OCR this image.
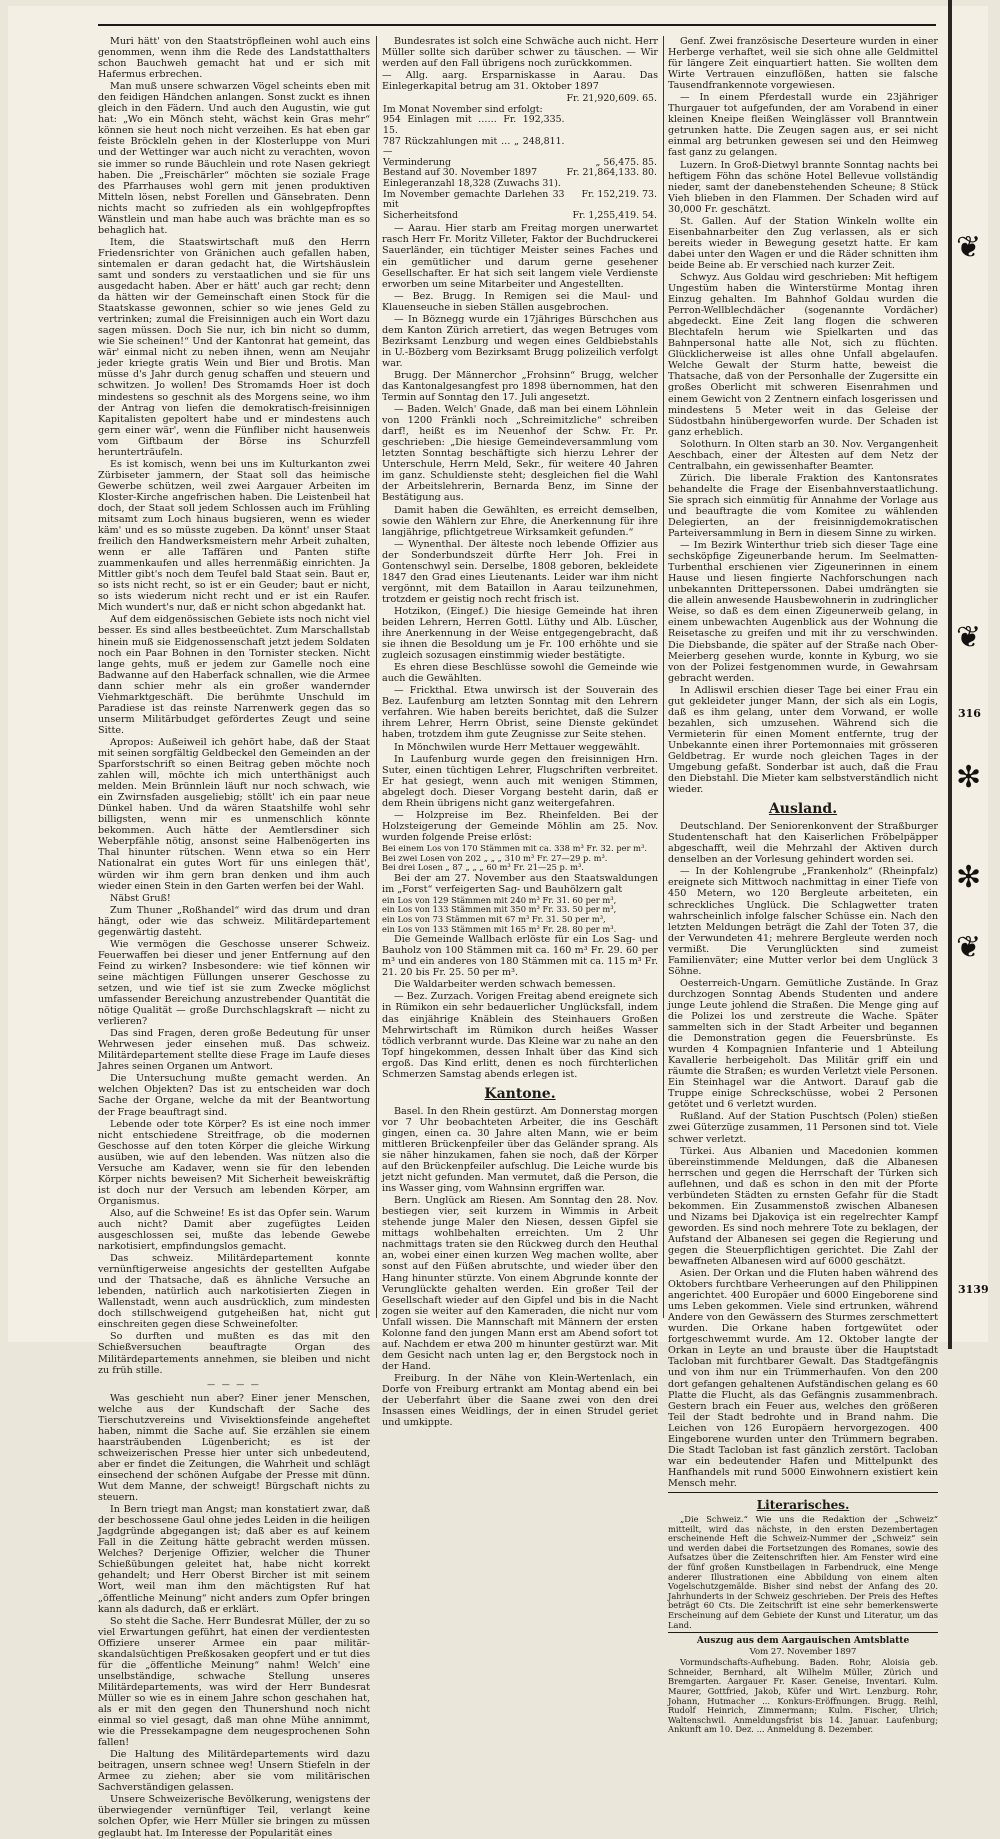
Muri hätt' von den Staatströpfleinen wohl auch eins genommen, wenn ihm die Rede des Landstatthalters schon Bauchweh gemacht hat und er sich mit Hafermus erbrechen.

Man muß unsere schwarzen Vögel scheints eben mit den feidigen Händchen anlangen. Sonst zuckt es ihnen gleich in den Fädern. Und auch den Augustin, wie gut hat: „Wo ein Mönch steht, wächst kein Gras mehr“ können sie heut noch nicht verzeihen. Es hat eben gar feiste Bröckleln gehen in der Klosterluppe von Muri und der Wettinger war auch nicht zu verachten, wovon sie immer so runde Bäuchlein und rote Nasen gekriegt haben. Die „Freischärler“ möchten sie soziale Frage des Pfarrhauses wohl gern mit jenen produktiven Mitteln lösen, nebst Forellen und Gänsebraten. Denn nichts macht so zufrieden als ein wohlgepfropftes Wänstlein und man habe auch was brächte man es so behaglich hat.

Item, die Staatswirtschaft muß den Herrn Friedensrichter von Gränichen auch gefallen haben, sintemalen er daran gedacht hat, die Wirtshäuslein samt und sonders zu verstaatlichen und sie für uns ausgedacht haben. Aber er hätt' auch gar recht; denn da hätten wir der Gemeinschaft einen Stock für die Staatskasse gewonnen, schier so wie jenes Geld zu vertrinken; zumal die Freisinnigen auch ein Wort dazu sagen müssen. Doch Sie nur, ich bin nicht so dumm, wie Sie scheinen!“ Und der Kantonrat hat gemeint, das wär' einmal nicht zu neben ihnen, wenn am Neujahr jeder kriegte gratis Wein und Bier und Brotis. Man müsse d's Jahr durch genug schaffen und steuern und schwitzen. Jo wollen! Des Stromamds Hoer ist doch mindestens so geschnit als des Morgens seine, wo ihm der Antrag von liefen die demokratisch-freisinnigen Kapitalisten gepoltert habe und er mindestens auch gern einer wär', wenn die Fünfliber nicht hausenweis vom Giftbaum der Börse ins Schurzfell herunterträufeln.

Es ist komisch, wenn bei uns im Kulturkanton zwei Zürbiseter jammern, der Staat soll das heimische Gewerbe schützen, weil zwei Aargauer Arbeiten im Kloster-Kirche angefrischen haben. Die Leistenbeil hat doch, der Staat soll jedem Schlossen auch im Frühling mitsamt zum Loch hinaus bugsieren, wenn es wieder käm' und es so müsste zugeben. Da könnt' unser Staat freilich den Handwerksmeistern mehr Arbeit zuhalten, wenn er alle Taffären und Panten stifte zuammenkaufen und alles herrenmäßig einrichten. Ja Mittler gibt's noch dem Teufel bald Staat sein. Baut er, so ists nicht recht, so ist er ein Geuder; baut er nicht, so ists wiederum nicht recht und er ist ein Raufer. Mich wundert's nur, daß er nicht schon abgedankt hat.

Auf dem eidgenössischen Gebiete ists noch nicht viel besser. Es sind alles bestbeeüchtet. Zum Marschallstab hinein muß sie Eidgenossenschaft jetzt jedem Soldaten noch ein Paar Bohnen in den Tornister stecken. Nicht lange gehts, muß er jedem zur Gamelle noch eine Badwanne auf den Haberfack schnallen, wie die Armee dann schier mehr als ein großer wandernder Viehmarktgeschäft. Die berühmte Unschuld im Paradiese ist das reinste Narrenwerk gegen das so unserm Militärbudget gefördertes Zeugt und seine Sitte.

Apropos: Außeiweil ich gehört habe, daß der Staat mit seinen sorgfältig Geldbeckel den Gemeinden an der Sparforstschrift so einen Beitrag geben möchte noch zahlen will, möchte ich mich unterthänigst auch melden. Mein Brünnlein läuft nur noch schwach, wie ein Zwirnsfaden ausgeliebig; stöllt' ich ein paar neue Dünkel haben. Und da wären Staatshilfe wohl sehr billigsten, wenn mir es unmenschlich könnte bekommen. Auch hätte der Aemtlersdiner sich Weberpfähle nötig, ansonst seine Halbenögerten ins Thal hinunter rütschen. Wenn etwa so ein Herr Nationalrat ein gutes Wort für uns einlegen thät', würden wir ihm gern bran denken und ihm auch wieder einen Stein in den Garten werfen bei der Wahl.

Näbst Gruß!

Zum Thuner „Roßhandel“ wird das drum und dran hängt, oder wie das schweiz. Militärdepartement gegenwärtig dasteht.

Wie vermögen die Geschosse unserer Schweiz. Feuerwaffen bei dieser und jener Entfernung auf den Feind zu wirken? Insbesondere: wie tief können wir seine mächtigen Füllungen unserer Geschosse zu setzen, und wie tief ist sie zum Zwecke möglichst umfassender Bereichung anzustrebender Quantität die nötige Qualität — große Durchschlagskraft — nicht zu verlieren?

Das sind Fragen, deren große Bedeutung für unser Wehrwesen jeder einsehen muß. Das schweiz. Militärdepartement stellte diese Frage im Laufe dieses Jahres seinen Organen um Antwort.

Die Untersuchung mußte gemacht werden. An welchen Objekten? Das ist zu entscheiden war doch Sache der Organe, welche da mit der Beantwortung der Frage beauftragt sind.

Lebende oder tote Körper? Es ist eine noch immer nicht entschiedene Streitfrage, ob die modernen Geschosse auf den toten Körper die gleiche Wirkung ausüben, wie auf den lebenden. Was nützen also die Versuche am Kadaver, wenn sie für den lebenden Körper nichts beweisen? Mit Sicherheit beweiskräftig ist doch nur der Versuch am lebenden Körper, am Organismus.

Also, auf die Schweine! Es ist das Opfer sein. Warum auch nicht? Damit aber zugefügtes Leiden ausgeschlossen sei, mußte das lebende Gewebe narkotisiert, empfindungslos gemacht.

Das schweiz. Militärdepartement konnte vernünftigerweise angesichts der gestellten Aufgabe und der Thatsache, daß es ähnliche Versuche an lebenden, natürlich auch narkotisierten Ziegen in Wallenstadt, wenn auch ausdrücklich, zum mindesten doch stillschweigend gutgeheißen hat, nicht gut einschreiten gegen diese Schweinefolter.

So durften und mußten es das mit den Schießversuchen beauftragte Organ des Militärdepartements annehmen, sie bleiben und nicht zu früh stille.

— — — —

Was geschieht nun aber? Einer jener Menschen, welche aus der Kundschaft der Sache des Tierschutzvereins und Vivisektionsfeinde angeheftet haben, nimmt die Sache auf. Sie erzählen sie einem haarsträubenden Lügenbericht; es ist der schweizerischen Presse hier unter sich unbedeutend, aber er findet die Zeitungen, die Wahrheit und schlägt einsechend der schönen Aufgabe der Presse mit dünn. Wut dem Manne, der schweigt! Bürgschaft nichts zu steuern.

In Bern triegt man Angst; man konstatiert zwar, daß der beschossene Gaul ohne jedes Leiden in die heiligen Jagdgründe abgegangen ist; daß aber es auf keinem Fall in die Zeitung hätte gebracht werden müssen. Welches? Derjenige Offizier, welcher die Thuner Schießübungen geleitet hat, habe nicht korrekt gehandelt; und Herr Oberst Bircher ist mit seinem Wort, weil man ihm den mächtigsten Ruf hat „öffentliche Meinung“ nicht anders zum Opfer bringen kann als dadurch, daß er erklärt.

So steht die Sache. Herr Bundesrat Müller, der zu so viel Erwartungen geführt, hat einen der verdientesten Offiziere unserer Armee ein paar militär-skandalsüchtigen Preßkosaken geopfert und er tut dies für die „öffentliche Meinung“ nahm! Welch' eine unselbständige, schwache Stellung unseres Militärdepartements, was wird der Herr Bundesrat Müller so wie es in einem Jahre schon geschahen hat, als er mit den gegen den Thunershund noch nicht einmal so viel gesagt, daß man ohne Mühe annimmt, wie die Pressekampagne dem neugesprochenen Sohn fallen!

Die Haltung des Militärdepartements wird dazu beitragen, unsern schnee weg! Unsern Stiefeln in der Armee zu ziehen; aber sie vom militärischen Sachverständigen gelassen.

Unsere Schweizerische Bevölkerung, wenigstens der überwiegender vernünftiger Teil, verlangt keine solchen Opfer, wie Herr Müller sie bringen zu müssen geglaubt hat. Im Interesse der Popularität eines

Bundesrates ist solch eine Schwäche auch nicht. Herr Müller sollte sich darüber schwer zu täuschen. — Wir werden auf den Fall übrigens noch zurückkommen.

— Allg. aarg. Ersparniskasse in Aarau. Das Einlegerkapital betrug am 31. Oktober 1897

	Fr. 21,920,609. 65.
Im Monat November sind erfolgt:	
954 Einlagen mit …… Fr. 192,335. 15.	
787 Rückzahlungen mit … „ 248,811. —	
Verminderung	„ 56,475. 85.
Bestand auf 30. November 1897	Fr. 21,864,133. 80.
Einlegeranzahl 18,328 (Zuwachs 31).	
Im November gemachte Darlehen 33 mit	Fr. 152,219. 73.
Sicherheitsfond	Fr. 1,255,419. 54.

— Aarau. Hier starb am Freitag morgen unerwartet rasch Herr Fr. Moritz Villeter, Faktor der Buchdruckerei Sauerländer, ein tüchtiger Meister seines Faches und ein gemütlicher und darum gerne gesehener Gesellschafter. Er hat sich seit langem viele Verdienste erworben um seine Mitarbeiter und Angestellten.

— Bez. Brugg. In Remigen sei die Maul- und Klauenseuche in sieben Ställen ausgebrochen.

— In Böznegg wurde ein 17jähriges Bürschchen aus dem Kanton Zürich arretiert, das wegen Betruges vom Bezirksamt Lenzburg und wegen eines Geldbiebstahls in U.-Bözberg vom Bezirksamt Brugg polizeilich verfolgt war.

Brugg. Der Männerchor „Frohsinn“ Brugg, welcher das Kantonalgesangfest pro 1898 übernommen, hat den Termin auf Sonntag den 17. Juli angesetzt.

— Baden. Welch' Gnade, daß man bei einem Löhnlein von 1200 Fränkli noch „Schreimitzliche“ schreiben darf!, heißt es im Neuenhof der Schw. Fr. Pr. geschrieben: „Die hiesige Gemeindeversammlung vom letzten Sonntag beschäftigte sich hierzu Lehrer der Unterschule, Herrn Meld, Sekr., für weitere 40 Jahren im ganz. Schuldienste steht; desgleichen fiel die Wahl der Arbeitslehrerin, Bernarda Benz, im Sinne der Bestätigung aus.

Damit haben die Gewählten, es erreicht demselben, sowie den Wählern zur Ehre, die Anerkennung für ihre langjährige, pflichtgetreue Wirksamkeit gefunden.“

— Wynenthal. Der älteste noch lebende Offizier aus der Sonderbundszeit dürfte Herr Joh. Frei in Gontenschwyl sein. Derselbe, 1808 geboren, bekleidete 1847 den Grad eines Lieutenants. Leider war ihm nicht vergönnt, mit dem Bataillon in Aarau teilzunehmen, trotzdem er geistig noch recht frisch ist.

Hotzikon, (Eingef.) Die hiesige Gemeinde hat ihren beiden Lehrern, Herren Gottl. Lüthy und Alb. Lüscher, ihre Anerkennung in der Weise entgegengebracht, daß sie ihnen die Besoldung um je Fr. 100 erhöhte und sie zugleich sozusagen einstimmig wieder bestätigte.

Es ehren diese Beschlüsse sowohl die Gemeinde wie auch die Gewählten.

— Frickthal. Etwa unwirsch ist der Souverain des Bez. Laufenburg am letzten Sonntag mit den Lehrern verfahren. Wie haben bereits berichtet, daß die Sulzer ihrem Lehrer, Herrn Obrist, seine Dienste gekündet haben, trotzdem ihm gute Zeugnisse zur Seite stehen.

In Mönchwilen wurde Herr Mettauer weggewählt.

In Laufenburg wurde gegen den freisinnigen Hrn. Suter, einen tüchtigen Lehrer, Flugschriften verbreitet. Er hat gesiegt, wenn auch mit wenigen Stimmen, abgelegt doch. Dieser Vorgang besteht darin, daß er dem Rhein übrigens nicht ganz weitergefahren.

— Holzpreise im Bez. Rheinfelden. Bei der Holzsteigerung der Gemeinde Möhlin am 25. Nov. wurden folgende Preise erlöst:

Bei einem Los von 170 Stämmen mit ca. 338 m³ Fr. 32. per m³.
Bei zwei Losen von 202 „ „ „ 310 m³ Fr. 27—29 p. m³.
Bei drei Losen „ 87 „ „ „ 60 m³ Fr. 21—25 p. m³.

Bei der am 27. November aus den Staatswaldungen im „Forst“ verfeigerten Sag- und Bauhölzern galt

ein Los von 129 Stämmen mit 240 m³ Fr. 31. 60 per m³,
ein Los von 133 Stämmen mit 350 m³ Fr. 33. 50 per m³,
ein Los von 73 Stämmen mit 67 m³ Fr. 31. 50 per m³,
ein Los von 133 Stämmen mit 165 m³ Fr. 28. 80 per m³.

Die Gemeinde Wallbach erlöste für ein Los Sag- und Bauholz von 100 Stämmen mit ca. 160 m³ Fr. 29. 60 per m³ und ein anderes von 180 Stämmen mit ca. 115 m³ Fr. 21. 20 bis Fr. 25. 50 per m³.

Die Waldarbeiter werden schwach bemessen.

— Bez. Zurzach. Vorigen Freitag abend ereignete sich in Rümikon ein sehr bedauerlicher Unglücksfall, indem das einjährige Knäblein des Steinhauers Großen Mehrwirtschaft im Rümikon durch heißes Wasser tödlich verbrannt wurde. Das Kleine war zu nahe an den Topf hingekommen, dessen Inhalt über das Kind sich ergoß. Das Kind erlitt, denen es noch fürchterlichen Schmerzen Samstag abends erlegen ist.

Kantone.

Basel. In den Rhein gestürzt. Am Donnerstag morgen vor 7 Uhr beobachteten Arbeiter, die ins Geschäft gingen, einen ca. 30 Jahre alten Mann, wie er beim mittleren Brückenpfeiler über das Geländer sprang. Als sie näher hinzukamen, fahen sie noch, daß der Körper auf den Brückenpfeiler aufschlug. Die Leiche wurde bis jetzt nicht gefunden. Man vermutet, daß die Person, die ins Wasser ging, vom Wahnsinn ergriffen war.

Bern. Unglück am Riesen. Am Sonntag den 28. Nov. bestiegen vier, seit kurzem in Wimmis in Arbeit stehende junge Maler den Niesen, dessen Gipfel sie mittags wohlbehalten erreichten. Um 2 Uhr nachmittags traten sie den Rückweg durch den Heuthal an, wobei einer einen kurzen Weg machen wollte, aber sonst auf den Füßen abrutschte, und wieder über den Hang hinunter stürzte. Von einem Abgrunde konnte der Verunglückte gehalten werden. Ein großer Teil der Gesellschaft wieder auf den Gipfel und bis in die Nacht zogen sie weiter auf den Kameraden, die nicht nur vom Unfall wissen. Die Mannschaft mit Männern der ersten Kolonne fand den jungen Mann erst am Abend sofort tot auf. Nachdem er etwa 200 m hinunter gestürzt war. Mit dem Gesicht nach unten lag er, den Bergstock noch in der Hand.

Freiburg. In der Nähe von Klein-Wertenlach, ein Dorfe von Freiburg ertrankt am Montag abend ein bei der Ueberfahrt über die Saane zwei von den drei Insassen eines Weidlings, der in einen Strudel geriet und umkippte.

Genf. Zwei französische Deserteure wurden in einer Herberge verhaftet, weil sie sich ohne alle Geldmittel für längere Zeit einquartiert hatten. Sie wollten dem Wirte Vertrauen einzuflößen, hatten sie falsche Tausendfrankennote vorgewiesen.

— In einem Pferdestall wurde ein 23jähriger Thurgauer tot aufgefunden, der am Vorabend in einer kleinen Kneipe fleißen Weinglässer voll Branntwein getrunken hatte. Die Zeugen sagen aus, er sei nicht einmal arg betrunken gewesen sei und den Heimweg fast ganz zu gelangen.

Luzern. In Groß-Dietwyl brannte Sonntag nachts bei heftigem Föhn das schöne Hotel Bellevue vollständig nieder, samt der danebenstehenden Scheune; 8 Stück Vieh blieben in den Flammen. Der Schaden wird auf 30,000 Fr. geschätzt.

St. Gallen. Auf der Station Winkeln wollte ein Eisenbahnarbeiter den Zug verlassen, als er sich bereits wieder in Bewegung gesetzt hatte. Er kam dabei unter den Wagen er und die Räder schnitten ihm beide Beine ab. Er verschied nach kurzer Zeit.

Schwyz. Aus Goldau wird geschrieben: Mit heftigem Ungestüm haben die Winterstürme Montag ihren Einzug gehalten. Im Bahnhof Goldau wurden die Perron-Wellblechdächer (sogenannte Vordächer) abgedeckt. Eine Zeit lang flogen die schweren Blechtafeln herum wie Spielkarten und das Bahnpersonal hatte alle Not, sich zu flüchten. Glücklicherweise ist alles ohne Unfall abgelaufen. Welche Gewalt der Sturm hatte, beweist die Thatsache, daß von der Personhalle der Zugersitte ein großes Oberlicht mit schweren Eisenrahmen und einem Gewicht von 2 Zentnern einfach losgerissen und mindestens 5 Meter weit in das Geleise der Südostbahn hinübergeworfen wurde. Der Schaden ist ganz erheblich.

Solothurn. In Olten starb an 30. Nov. Vergangenheit Aeschbach, einer der Ältesten auf dem Netz der Centralbahn, ein gewissenhafter Beamter.

Zürich. Die liberale Fraktion des Kantonsrates behandelte die Frage der Eisenbahnverstaatlichung. Sie sprach sich einmütig für Annahme der Vorlage aus und beauftragte die vom Komitee zu wählenden Delegierten, an der freisinnigdemokratischen Parteiversammlung in Bern in diesem Sinne zu wirken.

— Im Bezirk Winterthur trieb sich dieser Tage eine sechsköpfige Zigeunerbande herum. Im Seelmatten-Turbenthal erschienen vier Zigeunerinnen in einem Hause und liesen fingierte Nachforschungen nach unbekannten Dritteperssonen. Dabei umdrängten sie die allein anwesende Hausbewohnerin in zudringlicher Weise, so daß es dem einen Zigeunerweib gelang, in einem unbewachten Augenblick aus der Wohnung die Reisetasche zu greifen und mit ihr zu verschwinden. Die Diebsbande, die später auf der Straße nach Ober-Meierberg gesehen wurde, konnte in Kyburg, wo sie von der Polizei festgenommen wurde, in Gewahrsam gebracht werden.

In Adliswil erschien dieser Tage bei einer Frau ein gut gekleideter junger Mann, der sich als ein Logis, daß es ihm gelang, unter dem Vorwand, er wolle bezahlen, sich umzusehen. Während sich die Vermieterin für einen Moment entfernte, trug der Unbekannte einen ihrer Portemonnaies mit grösseren Geldbetrag. Er wurde noch gleichen Tages in der Umgebung gefaßt. Sonderbar ist auch, daß die Frau den Diebstahl. Die Mieter kam selbstverständlich nicht wieder.

Ausland.

Deutschland. Der Seniorenkonvent der Straßburger Studentenschaft hat den Kaiserlichen Fröbelpäpper abgeschafft, weil die Mehrzahl der Aktiven durch denselben an der Vorlesung gehindert worden sei.

— In der Kohlengrube „Frankenholz“ (Rheinpfalz) ereignete sich Mittwoch nachmittag in einer Tiefe von 450 Metern, wo 120 Bergleute arbeiteten, ein schreckliches Unglück. Die Schlagwetter traten wahrscheinlich infolge falscher Schüsse ein. Nach den letzten Meldungen beträgt die Zahl der Toten 37, die der Verwundeten 41; mehrere Bergleute werden noch vermißt. Die Verunglückten sind zumeist Familienväter; eine Mutter verlor bei dem Unglück 3 Söhne.

Oesterreich-Ungarn. Gemütliche Zustände. In Graz durchzogen Sonntag Abends Studenten und andere junge Leute johlend die Straßen. Die Menge ging auf die Polizei los und zerstreute die Wache. Später sammelten sich in der Stadt Arbeiter und begannen die Demonstration gegen die Feuersbrünste. Es wurden 4 Kompagnien Infanterie und 1 Abteilung Kavallerie herbeigeholt. Das Militär griff ein und räumte die Straßen; es wurden Verletzt viele Personen. Ein Steinhagel war die Antwort. Darauf gab die Truppe einige Schreckschüsse, wobei 2 Personen getötet und 6 verletzt wurden.

Rußland. Auf der Station Puschtsch (Polen) stießen zwei Güterzüge zusammen, 11 Personen sind tot. Viele schwer verletzt.

Türkei. Aus Albanien und Macedonien kommen übereinstimmende Meldungen, daß die Albanesen herrschen und gegen die Herrschaft der Türken sich auflehnen, und daß es schon in den mit der Pforte verbündeten Städten zu ernsten Gefahr für die Stadt bekommen. Ein Zusammenstoß zwischen Albanesen und Nizams bei Djakoviça ist ein regelrechter Kampf geworden. Es sind noch mehrere Tote zu beklagen, der Aufstand der Albanesen sei gegen die Regierung und gegen die Steuerpflichtigen gerichtet. Die Zahl der bewaffneten Albanesen wird auf 6000 geschätzt.

Asien. Der Orkan und die Fluten haben während des Oktobers furchtbare Verheerungen auf den Philippinen angerichtet. 400 Europäer und 6000 Eingeborene sind ums Leben gekommen. Viele sind ertrunken, während Andere von den Gewässern des Sturmes zerschmettert wurden. Die Orkane haben fortgewütet oder fortgeschwemmt wurde. Am 12. Oktober langte der Orkan in Leyte an und brauste über die Hauptstadt Tacloban mit furchtbarer Gewalt. Das Stadtgefängnis und von ihm nur ein Trümmerhaufen. Von den 200 dort gefangen gehaltenen Aufständischen gelang es 60 Platte die Flucht, als das Gefängnis zusammenbrach. Gestern brach ein Feuer aus, welches den größeren Teil der Stadt bedrohte und in Brand nahm. Die Leichen von 126 Europäern hervorgezogen. 400 Eingeborene wurden unter den Trümmern begraben. Die Stadt Tacloban ist fast gänzlich zerstört. Tacloban war ein bedeutender Hafen und Mittelpunkt des Hanfhandels mit rund 5000 Einwohnern existiert kein Mensch mehr.

Literarisches.

„Die Schweiz.“ Wie uns die Redaktion der „Schweiz“ mitteilt, wird das nächste, in den ersten Dezembertagen erscheinende Heft die Schweiz-Nummer der „Schweiz“ sein und werden dabei die Fortsetzungen des Romanes, sowie des Aufsatzes über die Zeitenschriften hier. Am Fenster wird eine der fünf großen Kunstbeilagen in Farbendruck, eine Menge anderer Illustrationen eine Abbildung von einem alten Vogelschutzgemälde. Bisher sind nebst der Anfang des 20. Jahrhunderts in der Schweiz geschrieben. Der Preis des Heftes beträgt 60 Cts. Die Zeitschrift ist eine sehr bemerkenswerte Erscheinung auf dem Gebiete der Kunst und Literatur, um das Land.

Auszug aus dem Aargauischen Amtsblatte
Vom 27. November 1897

Vormundschafts-Aufhebung. Baden. Rohr, Aloisia geb. Schneider, Bernhard, alt Wilhelm Müller, Zürich und Bremgarten. Aargauer Fr. Kaser. Geneise, Inventari. Kulm. Maurer, Gottfried, Jakob, Küfer und Wirt. Lenzburg. Rohr, Johann, Hutmacher ... Konkurs-Eröffnungen. Brugg. Reihl, Rudolf Heinrich, Zimmermann; Kulm. Fischer, Ulrich; Waltenschwil. Anmeldungsfrist bis 14. Januar. Laufenburg; Ankunft am 10. Dez. ... Anmeldung 8. Dezember.

❦
❦
✻
✻
❦
316
3139
